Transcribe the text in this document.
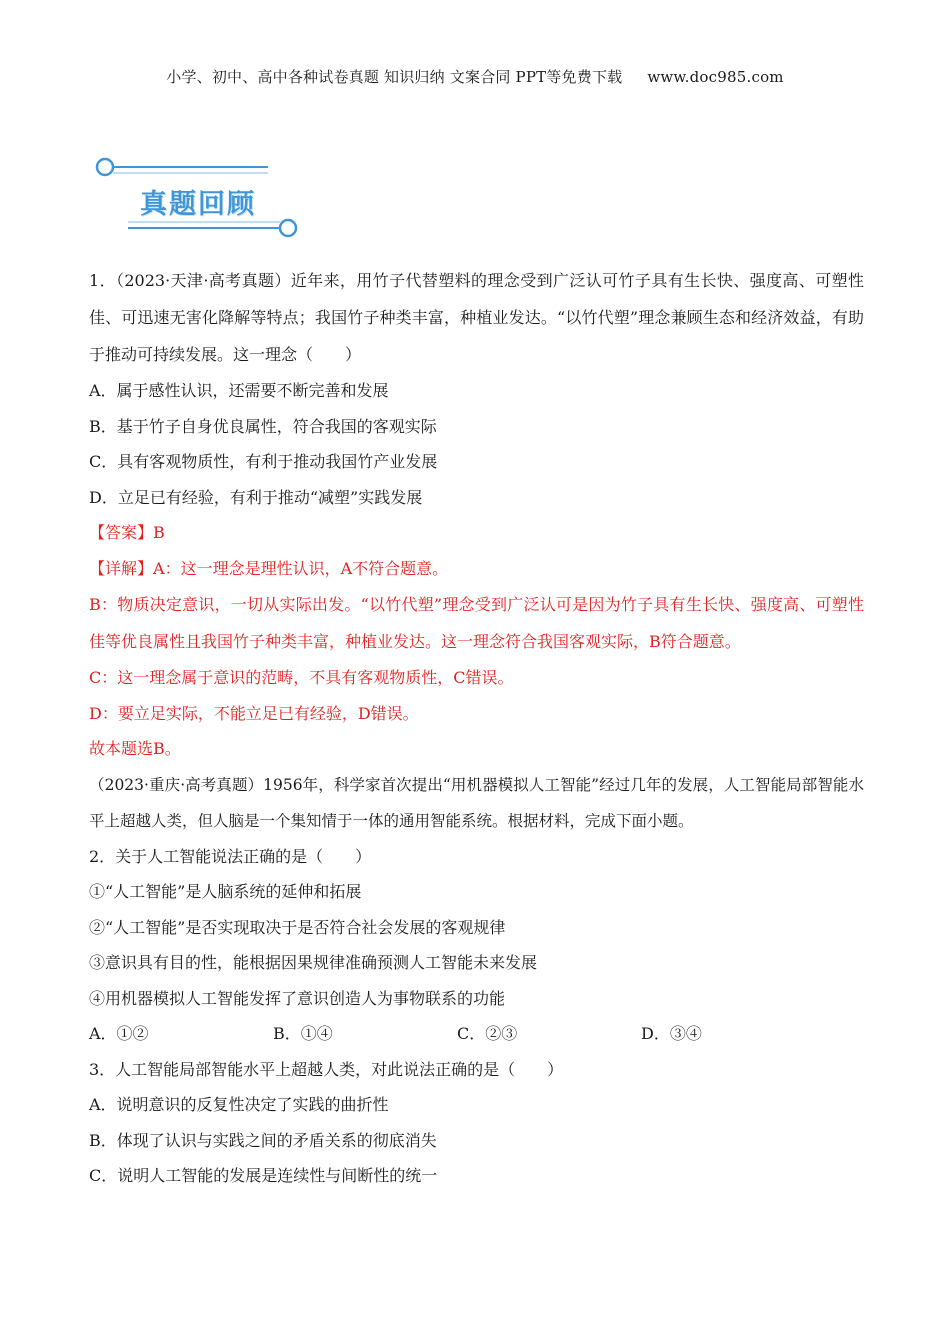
小学、初中、高中各种试卷真题 知识归纳 文案合同 PPT等免费下载 www.doc985.com
真题回顾

1．（2023·天津·高考真题）近年来，用竹子代替塑料的理念受到广泛认可竹子具有生长快、强度高、可塑性佳、可迅速无害化降解等特点；我国竹子种类丰富，种植业发达。“以竹代塑”理念兼顾生态和经济效益，有助于推动可持续发展。这一理念（　　）

A．属于感性认识，还需要不断完善和发展

B．基于竹子自身优良属性，符合我国的客观实际

C．具有客观物质性，有利于推动我国竹产业发展

D．立足已有经验，有利于推动“减塑”实践发展

【答案】B

【详解】A：这一理念是理性认识，A不符合题意。

B：物质决定意识，一切从实际出发。“以竹代塑”理念受到广泛认可是因为竹子具有生长快、强度高、可塑性佳等优良属性且我国竹子种类丰富，种植业发达。这一理念符合我国客观实际，B符合题意。

C：这一理念属于意识的范畴，不具有客观物质性，C错误。

D：要立足实际，不能立足已有经验，D错误。

故本题选B。

（2023·重庆·高考真题）1956年，科学家首次提出“用机器模拟人工智能”经过几年的发展，人工智能局部智能水平上超越人类，但人脑是一个集知情于一体的通用智能系统。根据材料，完成下面小题。

2．关于人工智能说法正确的是（　　）

①“人工智能”是人脑系统的延伸和拓展

②“人工智能”是否实现取决于是否符合社会发展的客观规律

③意识具有目的性，能根据因果规律准确预测人工智能未来发展

④用机器模拟人工智能发挥了意识创造人为事物联系的功能

A．①②	B．①④	C．②③	D．③④

3．人工智能局部智能水平上超越人类，对此说法正确的是（　　）

A．说明意识的反复性决定了实践的曲折性

B．体现了认识与实践之间的矛盾关系的彻底消失

C．说明人工智能的发展是连续性与间断性的统一
